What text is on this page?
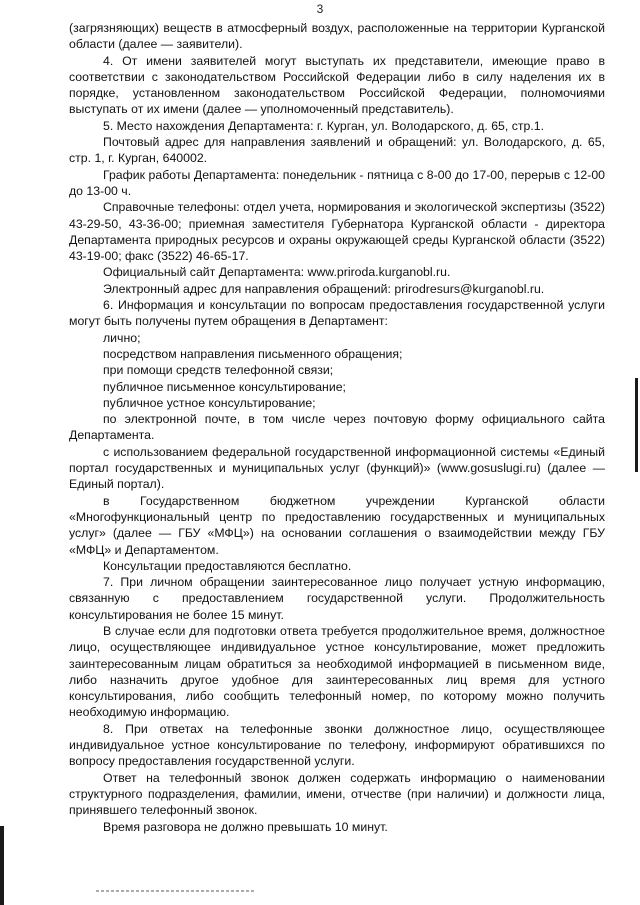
3

(загрязняющих) веществ в атмосферный воздух, расположенные на территории Курганской области (далее — заявители).

4. От имени заявителей могут выступать их представители, имеющие право в соответствии с законодательством Российской Федерации либо в силу наделения их в порядке, установленном законодательством Российской Федерации, полномочиями выступать от их имени (далее — уполномоченный представитель).

5. Место нахождения Департамента: г. Курган, ул. Володарского, д. 65, стр.1.

Почтовый адрес для направления заявлений и обращений: ул. Володарского, д. 65, стр. 1, г. Курган, 640002.

График работы Департамента: понедельник - пятница с 8-00 до 17-00, перерыв с 12-00 до 13-00 ч.

Справочные телефоны: отдел учета, нормирования и экологической экспертизы (3522) 43-29-50, 43-36-00; приемная заместителя Губернатора Курганской области - директора Департамента природных ресурсов и охраны окружающей среды Курганской области (3522) 43-19-00; факс (3522) 46-65-17.

Официальный сайт Департамента: www.priroda.kurganobl.ru.

Электронный адрес для направления обращений: prirodresurs@kurganobl.ru.

6. Информация и консультации по вопросам предоставления государственной услуги могут быть получены путем обращения в Департамент:

лично;

посредством направления письменного обращения;

при помощи средств телефонной связи;

публичное письменное консультирование;

публичное устное консультирование;

по электронной почте, в том числе через почтовую форму официального сайта Департамента.

с использованием федеральной государственной информационной системы «Единый портал государственных и муниципальных услуг (функций)» (www.gosuslugi.ru) (далее — Единый портал).

в Государственном бюджетном учреждении Курганской области «Многофункциональный центр по предоставлению государственных и муниципальных услуг» (далее — ГБУ «МФЦ») на основании соглашения о взаимодействии между ГБУ «МФЦ» и Департаментом.

Консультации предоставляются бесплатно.

7. При личном обращении заинтересованное лицо получает устную информацию, связанную с предоставлением государственной услуги. Продолжительность консультирования не более 15 минут.

В случае если для подготовки ответа требуется продолжительное время, должностное лицо, осуществляющее индивидуальное устное консультирование, может предложить заинтересованным лицам обратиться за необходимой информацией в письменном виде, либо назначить другое удобное для заинтересованных лиц время для устного консультирования, либо сообщить телефонный номер, по которому можно получить необходимую информацию.

8. При ответах на телефонные звонки должностное лицо, осуществляющее индивидуальное устное консультирование по телефону, информируют обратившихся по вопросу предоставления государственной услуги.

Ответ на телефонный звонок должен содержать информацию о наименовании структурного подразделения, фамилии, имени, отчестве (при наличии) и должности лица, принявшего телефонный звонок.

Время разговора не должно превышать 10 минут.
